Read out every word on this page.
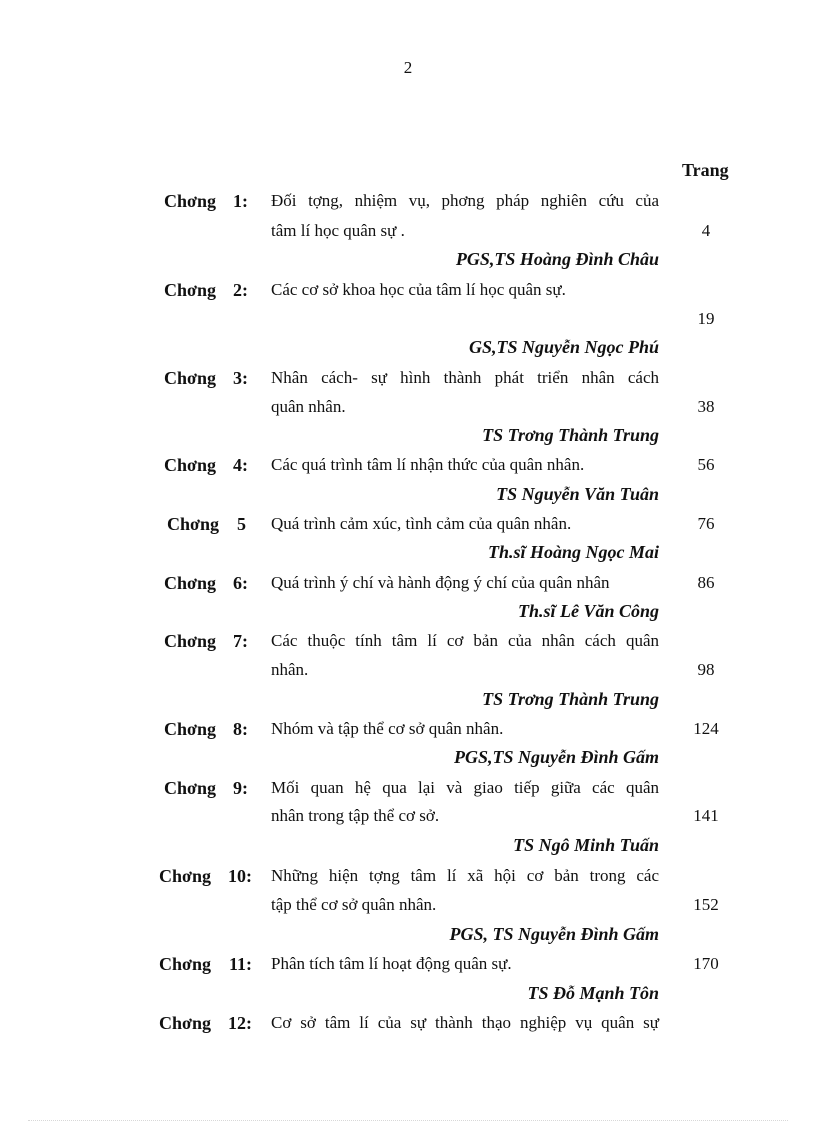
2
Trang
Chơng 1: Đối tợng, nhiệm vụ, phơng pháp nghiên cứu của
tâm lí học quân sự .	4
PGS,TS Hoàng Đình Châu
Chơng 2: Các cơ sở khoa học của tâm lí học quân sự.
19
GS,TS Nguyễn Ngọc Phú
Chơng 3: Nhân cách- sự hình thành phát triển nhân cách
quân nhân.	38
TS Trơng Thành Trung
Chơng 4: Các quá trình tâm lí nhận thức của quân nhân.	56
TS Nguyễn Văn Tuân
Chơng	5 Quá trình cảm xúc, tình cảm của quân nhân.	76
Th.sĩ Hoàng Ngọc Mai
Chơng 6: Quá trình ý chí và hành động ý chí của quân nhân	86
Th.sĩ Lê Văn Công
Chơng 7: Các thuộc tính tâm lí cơ bản của nhân cách quân
nhân.	98
TS Trơng Thành Trung
Chơng 8: Nhóm và tập thể cơ sở quân nhân.	124
PGS,TS Nguyễn Đình Gấm
Chơng 9: Mối quan hệ qua lại và giao tiếp giữa các quân
nhân trong tập thể cơ sở.	141
TS Ngô Minh Tuấn
Chơng 10: Những hiện tợng tâm lí xã hội cơ bản trong các
tập thể cơ sở quân nhân.	152
PGS, TS Nguyễn Đình Gấm
Chơng 11: Phân tích tâm lí hoạt động quân sự.	170
TS Đỗ Mạnh Tôn
Chơng 12: Cơ sở tâm lí của sự thành thạo nghiệp vụ quân sự
